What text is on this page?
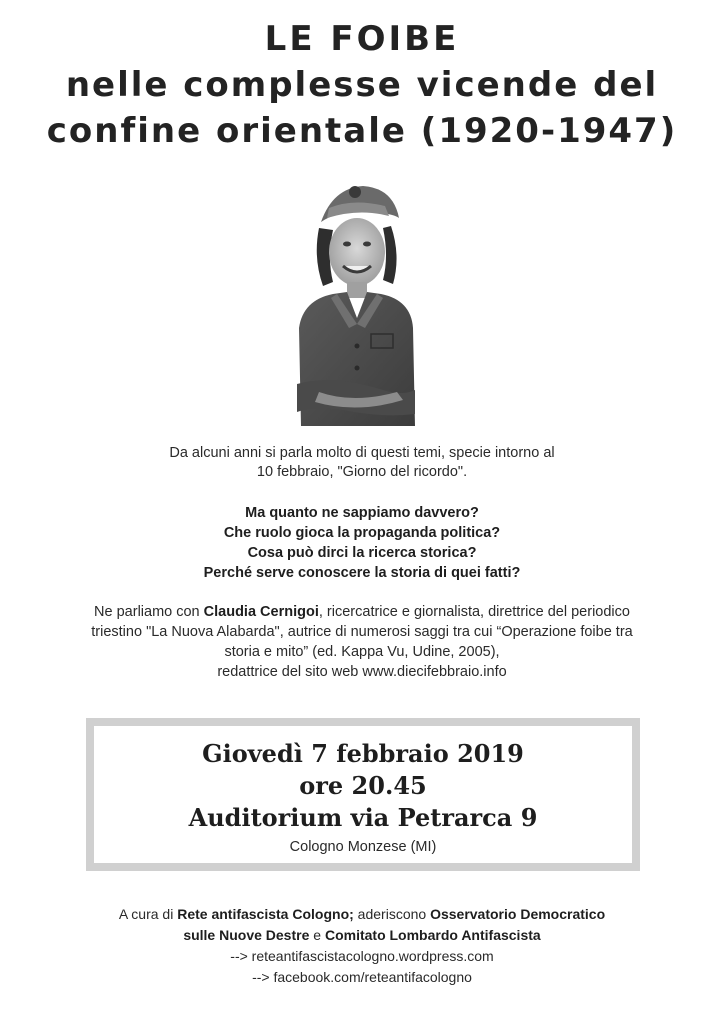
LE FOIBE
nelle complesse vicende del
confine orientale (1920-1947)
Da alcuni anni si parla molto di questi temi, specie intorno al
10 febbraio, "Giorno del ricordo".
Ma quanto ne sappiamo davvero?
Che ruolo gioca la propaganda politica?
Cosa può dirci la ricerca storica?
Perché serve conoscere la storia di quei fatti?
Ne parliamo con Claudia Cernigoi, ricercatrice e giornalista, direttrice del periodico
triestino "La Nuova Alabarda", autrice di numerosi saggi tra cui “Operazione foibe tra
storia e mito” (ed. Kappa Vu, Udine, 2005),
redattrice del sito web www.diecifebbraio.info
Giovedì 7 febbraio 2019
ore 20.45
Auditorium via Petrarca 9
Cologno Monzese (MI)
A cura di Rete antifascista Cologno; aderiscono Osservatorio Democratico
sulle Nuove Destre e Comitato Lombardo Antifascista
--> reteantifascistacologno.wordpress.com
--> facebook.com/reteantifacologno
